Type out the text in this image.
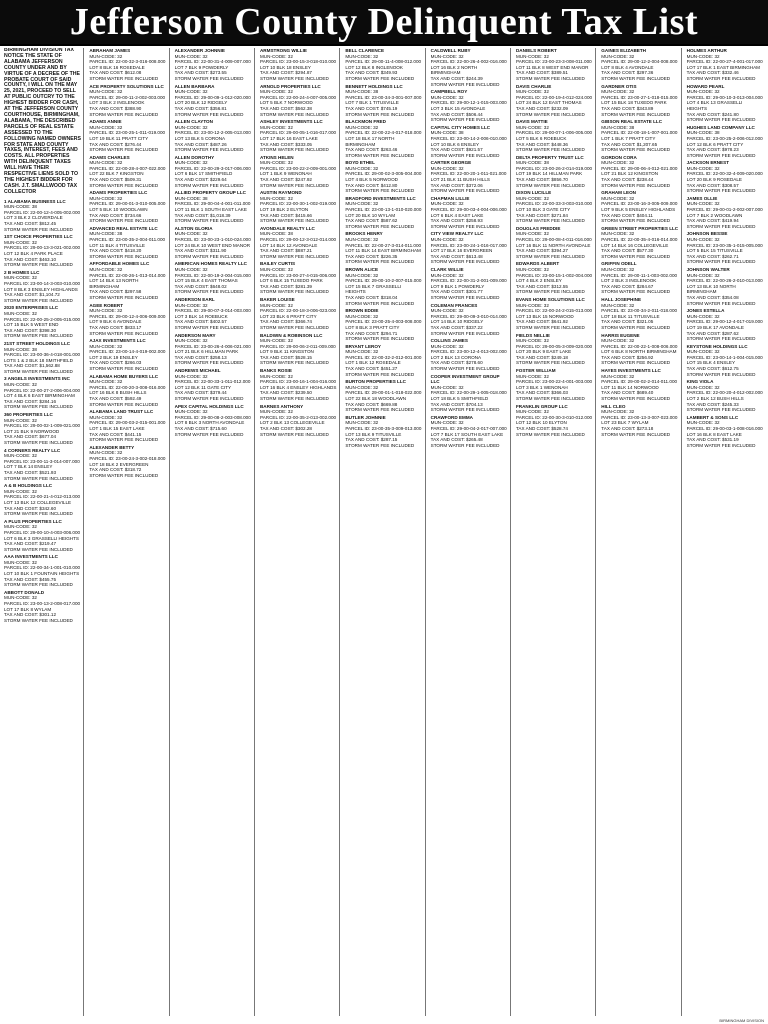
Jefferson County Delinquent Tax List
BIRMINGHAM DIVISION TAX NOTICE THE STATE OF ALABAMA JEFFERSON COUNTY UNDER AND BY VIRTUE OF A DECREE OF THE PROBATE COURT OF SAID COUNTY, I WILL ON THE MAY 25, 2021, PROCEED TO SELL AT PUBLIC OUTCRY TO THE HIGHEST BIDDER FOR CASH, AT THE JEFFERSON COUNTY COURTHOUSE, BIRMINGHAM, ALABAMA, THE DESCRIBED PARCELS OF REAL ESTATE ASSESSED TO THE FOLLOWING NAMED OWNERS FOR STATE AND COUNTY TAXES, INTEREST, FEES AND COSTS. ALL PROPERTIES WITH DELINQUENT TAXES WILL HAVE THEIR RESPECTIVE LIENS SOLD TO THE HIGHEST BIDDER FOR CASH. J.T. SMALLWOOD TAX COLLECTOR
1 ALABAMA BUSINESS LLC
MUN-CODE: 38
PARCEL ID: 22-00-12-4-005-002.000
LOT 3 BLK 2 CLOVERDALE
TAX AND COST: $812.45
STORM WATER FEE INCLUDED
1ST CHOICE PROPERTIES LLC
MUN-CODE: 32
PARCEL ID: 29-00-13-3-021-002.000
LOT 12 BLK 4 PARK PLACE
TAX AND COST: $463.10
STORM WATER FEE INCLUDED
2 B HOMES LLC
MUN-CODE: 32
PARCEL ID: 23-00-14-3-003-010.000
LOT 8 BLK 3 ENSLEY HIGHLANDS
TAX AND COST: $1,104.72
STORM WATER FEE INCLUDED
2020 ENTERPRISES LLC
MUN-CODE: 32
PARCEL ID: 22-00-25-2-005-015.000
LOT 15 BLK 5 WEST END
TAX AND COST: $398.30
STORM WATER FEE INCLUDED
21ST STREET HOLDINGS LLC
MUN-CODE: 38
PARCEL ID: 23-00-36-4-018-001.000
LOTS 1 & 2 BLK 18 SMITHFIELD
TAX AND COST: $1,562.88
STORM WATER FEE INCLUDED
3 ANGELS INVESTMENTS INC
MUN-CODE: 32
PARCEL ID: 22-00-27-2-006-004.000
LOT 4 BLK 6 EAST BIRMINGHAM
TAX AND COST: $284.16
STORM WATER FEE INCLUDED
360 PROPERTIES LLC
MUN-CODE: 32
PARCEL ID: 29-00-02-1-009-021.000
LOT 21 BLK 9 NORWOOD
TAX AND COST: $677.04
STORM WATER FEE INCLUDED
4 CORNERS REALTY LLC
MUN-CODE: 32
PARCEL ID: 23-00-11-3-014-007.000
LOT 7 BLK 14 ENSLEY
TAX AND COST: $521.93
STORM WATER FEE INCLUDED
A & B HOLDINGS LLC
MUN-CODE: 32
PARCEL ID: 22-00-21-4-012-013.000
LOT 13 BLK 12 COLLEGEVILLE
TAX AND COST: $342.60
STORM WATER FEE INCLUDED
A PLUS PROPERTIES LLC
MUN-CODE: 32
PARCEL ID: 29-00-10-4-003-006.000
LOT 6 BLK 3 GRASSELLI HEIGHTS
TAX AND COST: $219.47
STORM WATER FEE INCLUDED
AAA INVESTMENTS LLC
MUN-CODE: 32
PARCEL ID: 22-00-34-1-001-010.000
LOT 10 BLK 1 FOUNTAIN HEIGHTS
TAX AND COST: $455.75
STORM WATER FEE INCLUDED
ABBOTT DONALD
MUN-CODE: 32
PARCEL ID: 23-00-13-2-008-017.000
LOT 17 BLK 8 WYLAM
TAX AND COST: $301.12
STORM WATER FEE INCLUDED
ABRAHAM JAMES
MUN-CODE: 32
PARCEL ID: 22-00-32-3-016-008.000
LOT 8 BLK 16 ROSEDALE
TAX AND COST: $612.08
STORM WATER FEE INCLUDED
ACE PROPERTY SOLUTIONS LLC
MUN-CODE: 32
PARCEL ID: 29-00-11-2-002-003.000
LOT 3 BLK 2 INGLENOOK
TAX AND COST: $388.90
STORM WATER FEE INCLUDED
ADAMS ANNIE
MUN-CODE: 32
PARCEL ID: 23-00-25-1-011-019.000
LOT 19 BLK 11 PRATT CITY
TAX AND COST: $276.44
STORM WATER FEE INCLUDED
ADAMS CHARLES
MUN-CODE: 32
PARCEL ID: 22-00-28-4-007-022.000
LOT 22 BLK 7 KINGSTON
TAX AND COST: $509.31
STORM WATER FEE INCLUDED
ADAMS PROPERTIES LLC
MUN-CODE: 32
PARCEL ID: 29-00-01-3-010-005.000
LOT 5 BLK 10 WOODLAWN
TAX AND COST: $734.66
STORM WATER FEE INCLUDED
ADVANCED REAL ESTATE LLC
MUN-CODE: 38
PARCEL ID: 23-00-35-2-004-011.000
LOT 11 BLK 4 TITUSVILLE
TAX AND COST: $418.20
STORM WATER FEE INCLUDED
AFFORDABLE HOMES LLC
MUN-CODE: 32
PARCEL ID: 22-00-26-1-013-014.000
LOT 14 BLK 13 NORTH BIRMINGHAM
TAX AND COST: $297.58
STORM WATER FEE INCLUDED
AGEE ROBERT
MUN-CODE: 32
PARCEL ID: 29-00-12-4-006-009.000
LOT 9 BLK 6 AVONDALE
TAX AND COST: $833.17
STORM WATER FEE INCLUDED
AJAX INVESTMENTS LLC
MUN-CODE: 32
PARCEL ID: 23-00-14-4-019-002.000
LOT 2 BLK 19 ENSLEY
TAX AND COST: $266.03
STORM WATER FEE INCLUDED
ALABAMA HOME BUYERS LLC
MUN-CODE: 32
PARCEL ID: 22-00-20-3-008-016.000
LOT 16 BLK 8 BUSH HILLS
TAX AND COST: $592.49
STORM WATER FEE INCLUDED
ALABAMA LAND TRUST LLC
MUN-CODE: 32
PARCEL ID: 29-00-03-2-015-001.000
LOT 1 BLK 15 EAST LAKE
TAX AND COST: $441.15
STORM WATER FEE INCLUDED
ALEXANDER BETTY
MUN-CODE: 32
PARCEL ID: 23-00-24-3-002-018.000
LOT 18 BLK 2 EVERGREEN
TAX AND COST: $318.72
STORM WATER FEE INCLUDED
ALEXANDER JOHNNIE
MUN-CODE: 32
PARCEL ID: 22-00-31-4-009-007.000
LOT 7 BLK 9 POWDERLY
TAX AND COST: $273.55
STORM WATER FEE INCLUDED
ALLEN BARBARA
MUN-CODE: 32
PARCEL ID: 29-00-09-1-012-020.000
LOT 20 BLK 12 RIDGELY
TAX AND COST: $356.81
STORM WATER FEE INCLUDED
ALLEN CLAYTON
MUN-CODE: 32
PARCEL ID: 23-00-12-2-005-013.000
LOT 13 BLK 5 CORONA
TAX AND COST: $487.26
STORM WATER FEE INCLUDED
ALLEN DOROTHY
MUN-CODE: 32
PARCEL ID: 22-00-29-3-017-006.000
LOT 6 BLK 17 SMITHFIELD
TAX AND COST: $229.64
STORM WATER FEE INCLUDED
ALLIED PROPERTY GROUP LLC
MUN-CODE: 38
PARCEL ID: 29-00-04-4-001-011.000
LOT 11 BLK 1 SOUTH EAST LAKE
TAX AND COST: $1,018.39
STORM WATER FEE INCLUDED
ALSTON GLORIA
MUN-CODE: 32
PARCEL ID: 23-00-23-1-010-024.000
LOT 24 BLK 10 WEST END MANOR
TAX AND COST: $311.90
STORM WATER FEE INCLUDED
AMERICAN HOMES REALTY LLC
MUN-CODE: 32
PARCEL ID: 22-00-19-2-004-015.000
LOT 15 BLK 4 EAST THOMAS
TAX AND COST: $648.02
STORM WATER FEE INCLUDED
ANDERSON EARL
MUN-CODE: 32
PARCEL ID: 29-00-07-3-014-003.000
LOT 3 BLK 14 ROEBUCK
TAX AND COST: $402.57
STORM WATER FEE INCLUDED
ANDERSON MARY
MUN-CODE: 32
PARCEL ID: 23-00-26-4-006-021.000
LOT 21 BLK 6 HILLMAN PARK
TAX AND COST: $258.13
STORM WATER FEE INCLUDED
ANDREWS MICHAEL
MUN-CODE: 32
PARCEL ID: 22-00-33-1-011-012.000
LOT 12 BLK 11 GATE CITY
TAX AND COST: $379.44
STORM WATER FEE INCLUDED
APEX CAPITAL HOLDINGS LLC
MUN-CODE: 32
PARCEL ID: 29-00-08-2-003-008.000
LOT 8 BLK 3 NORTH AVONDALE
TAX AND COST: $715.60
STORM WATER FEE INCLUDED
ARMSTRONG WILLIE
MUN-CODE: 32
PARCEL ID: 23-00-15-3-018-010.000
LOT 10 BLK 18 ENSLEY
TAX AND COST: $294.87
STORM WATER FEE INCLUDED
ARNOLD PROPERTIES LLC
MUN-CODE: 32
PARCEL ID: 22-00-24-4-007-005.000
LOT 5 BLK 7 NORWOOD
TAX AND COST: $562.38
STORM WATER FEE INCLUDED
ASHLEY INVESTMENTS LLC
MUN-CODE: 32
PARCEL ID: 29-00-05-1-016-017.000
LOT 17 BLK 16 EAST LAKE
TAX AND COST: $333.05
STORM WATER FEE INCLUDED
ATKINS HELEN
MUN-CODE: 32
PARCEL ID: 23-00-22-2-009-001.000
LOT 1 BLK 9 WENONAH
TAX AND COST: $247.92
STORM WATER FEE INCLUDED
AUSTIN RAYMOND
MUN-CODE: 32
PARCEL ID: 22-00-30-1-002-019.000
LOT 19 BLK 2 ELYTON
TAX AND COST: $415.66
STORM WATER FEE INCLUDED
AVONDALE REALTY LLC
MUN-CODE: 38
PARCEL ID: 29-00-12-3-012-014.000
LOT 14 BLK 12 AVONDALE
TAX AND COST: $887.21
STORM WATER FEE INCLUDED
BAILEY CURTIS
MUN-CODE: 32
PARCEL ID: 23-00-27-4-015-006.000
LOT 6 BLK 15 TUXEDO PARK
TAX AND COST: $281.39
STORM WATER FEE INCLUDED
BAKER LOUISE
MUN-CODE: 32
PARCEL ID: 22-00-18-3-006-023.000
LOT 23 BLK 6 PRATT CITY
TAX AND COST: $366.74
STORM WATER FEE INCLUDED
BALDWIN & ROBINSON LLC
MUN-CODE: 32
PARCEL ID: 29-00-06-2-011-009.000
LOT 9 BLK 11 KINGSTON
TAX AND COST: $528.15
STORM WATER FEE INCLUDED
BANKS ROSIE
MUN-CODE: 32
PARCEL ID: 23-00-16-1-004-016.000
LOT 16 BLK 4 ENSLEY HIGHLANDS
TAX AND COST: $239.50
STORM WATER FEE INCLUDED
BARNES ANTHONY
MUN-CODE: 32
PARCEL ID: 22-00-35-2-013-002.000
LOT 2 BLK 13 COLLEGEVILLE
TAX AND COST: $302.28
STORM WATER FEE INCLUDED
BELL CLARENCE
MUN-CODE: 32
PARCEL ID: 29-00-11-4-008-012.000
LOT 12 BLK 8 INGLENOOK
TAX AND COST: $349.93
STORM WATER FEE INCLUDED
BENNETT HOLDINGS LLC
MUN-CODE: 38
PARCEL ID: 23-00-34-3-001-007.000
LOT 7 BLK 1 TITUSVILLE
TAX AND COST: $745.19
STORM WATER FEE INCLUDED
BLACKMON FRED
MUN-CODE: 32
PARCEL ID: 22-00-22-4-017-018.000
LOT 18 BLK 17 NORTH BIRMINGHAM
TAX AND COST: $263.46
STORM WATER FEE INCLUDED
BOYD ETHEL
MUN-CODE: 32
PARCEL ID: 29-00-02-3-005-004.000
LOT 4 BLK 5 NORWOOD
TAX AND COST: $412.80
STORM WATER FEE INCLUDED
BRADFORD INVESTMENTS LLC
MUN-CODE: 32
PARCEL ID: 23-00-13-1-010-020.000
LOT 20 BLK 10 WYLAM
TAX AND COST: $587.62
STORM WATER FEE INCLUDED
BROOKS HENRY
MUN-CODE: 32
PARCEL ID: 22-00-27-3-014-011.000
LOT 11 BLK 14 EAST BIRMINGHAM
TAX AND COST: $226.35
STORM WATER FEE INCLUDED
BROWN ALICE
MUN-CODE: 32
PARCEL ID: 29-00-10-2-007-015.000
LOT 15 BLK 7 GRASSELLI HEIGHTS
TAX AND COST: $318.04
STORM WATER FEE INCLUDED
BROWN EDDIE
MUN-CODE: 32
PARCEL ID: 23-00-25-4-003-008.000
LOT 8 BLK 3 PRATT CITY
TAX AND COST: $294.71
STORM WATER FEE INCLUDED
BRYANT LEROY
MUN-CODE: 32
PARCEL ID: 22-00-32-2-012-001.000
LOT 1 BLK 12 ROSEDALE
TAX AND COST: $451.27
STORM WATER FEE INCLUDED
BURTON PROPERTIES LLC
MUN-CODE: 32
PARCEL ID: 29-00-01-1-018-022.000
LOT 22 BLK 18 WOODLAWN
TAX AND COST: $669.88
STORM WATER FEE INCLUDED
BUTLER JOHNNIE
MUN-CODE: 32
PARCEL ID: 23-00-35-3-009-013.000
LOT 13 BLK 9 TITUSVILLE
TAX AND COST: $287.15
STORM WATER FEE INCLUDED
CALDWELL RUBY
MUN-CODE: 32
PARCEL ID: 22-00-26-4-002-016.000
LOT 16 BLK 2 NORTH BIRMINGHAM
TAX AND COST: $244.39
STORM WATER FEE INCLUDED
CAMPBELL ROY
MUN-CODE: 32
PARCEL ID: 29-00-12-1-015-003.000
LOT 3 BLK 15 AVONDALE
TAX AND COST: $506.44
STORM WATER FEE INCLUDED
CAPITAL CITY HOMES LLC
MUN-CODE: 38
PARCEL ID: 23-00-14-2-006-010.000
LOT 10 BLK 6 ENSLEY
TAX AND COST: $921.57
STORM WATER FEE INCLUDED
CARTER GEORGE
MUN-CODE: 32
PARCEL ID: 22-00-20-1-011-021.000
LOT 21 BLK 11 BUSH HILLS
TAX AND COST: $372.06
STORM WATER FEE INCLUDED
CHAPMAN LILLIE
MUN-CODE: 32
PARCEL ID: 29-00-03-4-004-006.000
LOT 6 BLK 4 EAST LAKE
TAX AND COST: $258.93
STORM WATER FEE INCLUDED
CITY VIEW REALTY LLC
MUN-CODE: 32
PARCEL ID: 23-00-24-1-016-017.000
LOT 17 BLK 16 EVERGREEN
TAX AND COST: $613.48
STORM WATER FEE INCLUDED
CLARK WILLIE
MUN-CODE: 32
PARCEL ID: 22-00-31-2-001-009.000
LOT 9 BLK 1 POWDERLY
TAX AND COST: $301.77
STORM WATER FEE INCLUDED
COLEMAN FRANCES
MUN-CODE: 32
PARCEL ID: 29-00-09-3-010-014.000
LOT 14 BLK 10 RIDGELY
TAX AND COST: $337.22
STORM WATER FEE INCLUDED
COLLINS JAMES
MUN-CODE: 32
PARCEL ID: 23-00-12-4-013-002.000
LOT 2 BLK 13 CORONA
TAX AND COST: $278.60
STORM WATER FEE INCLUDED
COOPER INVESTMENT GROUP LLC
MUN-CODE: 32
PARCEL ID: 22-00-29-1-005-018.000
LOT 18 BLK 5 SMITHFIELD
TAX AND COST: $704.13
STORM WATER FEE INCLUDED
CRAWFORD EMMA
MUN-CODE: 32
PARCEL ID: 29-00-04-2-017-007.000
LOT 7 BLK 17 SOUTH EAST LAKE
TAX AND COST: $265.48
STORM WATER FEE INCLUDED
DANIELS ROBERT
MUN-CODE: 32
PARCEL ID: 23-00-23-3-008-011.000
LOT 11 BLK 8 WEST END MANOR
TAX AND COST: $389.51
STORM WATER FEE INCLUDED
DAVIS CHARLIE
MUN-CODE: 32
PARCEL ID: 22-00-19-4-012-024.000
LOT 24 BLK 12 EAST THOMAS
TAX AND COST: $232.09
STORM WATER FEE INCLUDED
DAVIS MATTIE
MUN-CODE: 32
PARCEL ID: 29-00-07-1-006-005.000
LOT 5 BLK 6 ROEBUCK
TAX AND COST: $448.36
STORM WATER FEE INCLUDED
DELTA PROPERTY TRUST LLC
MUN-CODE: 38
PARCEL ID: 23-00-26-2-014-019.000
LOT 19 BLK 14 HILLMAN PARK
TAX AND COST: $856.70
STORM WATER FEE INCLUDED
DIXON LUCILLE
MUN-CODE: 32
PARCEL ID: 22-00-33-3-003-010.000
LOT 10 BLK 3 GATE CITY
TAX AND COST: $271.84
STORM WATER FEE INCLUDED
DOUGLAS FREDDIE
MUN-CODE: 32
PARCEL ID: 29-00-08-4-011-016.000
LOT 16 BLK 11 NORTH AVONDALE
TAX AND COST: $394.27
STORM WATER FEE INCLUDED
EDWARDS ALBERT
MUN-CODE: 32
PARCEL ID: 23-00-15-1-002-004.000
LOT 4 BLK 2 ENSLEY
TAX AND COST: $312.55
STORM WATER FEE INCLUDED
EVANS HOME SOLUTIONS LLC
MUN-CODE: 32
PARCEL ID: 22-00-24-2-015-013.000
LOT 13 BLK 15 NORWOOD
TAX AND COST: $641.92
STORM WATER FEE INCLUDED
FIELDS NELLIE
MUN-CODE: 32
PARCEL ID: 29-00-05-3-009-020.000
LOT 20 BLK 9 EAST LAKE
TAX AND COST: $249.18
STORM WATER FEE INCLUDED
FOSTER WILLIAM
MUN-CODE: 32
PARCEL ID: 23-00-22-4-001-003.000
LOT 3 BLK 1 WENONAH
TAX AND COST: $366.03
STORM WATER FEE INCLUDED
FRANKLIN GROUP LLC
MUN-CODE: 32
PARCEL ID: 22-00-30-3-010-012.000
LOT 12 BLK 10 ELYTON
TAX AND COST: $528.74
STORM WATER FEE INCLUDED
GAINES ELIZABETH
MUN-CODE: 32
PARCEL ID: 29-00-12-2-004-008.000
LOT 8 BLK 4 AVONDALE
TAX AND COST: $297.36
STORM WATER FEE INCLUDED
GARDNER OTIS
MUN-CODE: 32
PARCEL ID: 23-00-27-1-018-015.000
LOT 15 BLK 18 TUXEDO PARK
TAX AND COST: $343.89
STORM WATER FEE INCLUDED
GIBSON REAL ESTATE LLC
MUN-CODE: 38
PARCEL ID: 22-00-18-1-007-001.000
LOT 1 BLK 7 PRATT CITY
TAX AND COST: $1,207.65
STORM WATER FEE INCLUDED
GORDON CORA
MUN-CODE: 32
PARCEL ID: 29-00-06-4-012-021.000
LOT 21 BLK 12 KINGSTON
TAX AND COST: $238.44
STORM WATER FEE INCLUDED
GRAHAM LEON
MUN-CODE: 32
PARCEL ID: 23-00-16-3-005-009.000
LOT 9 BLK 5 ENSLEY HIGHLANDS
TAX AND COST: $404.11
STORM WATER FEE INCLUDED
GREEN STREET PROPERTIES LLC
MUN-CODE: 32
PARCEL ID: 22-00-35-4-016-014.000
LOT 14 BLK 16 COLLEGEVILLE
TAX AND COST: $577.30
STORM WATER FEE INCLUDED
GRIFFIN ODELL
MUN-CODE: 32
PARCEL ID: 29-00-11-1-003-002.000
LOT 2 BLK 3 INGLENOOK
TAX AND COST: $284.67
STORM WATER FEE INCLUDED
HALL JOSEPHINE
MUN-CODE: 32
PARCEL ID: 23-00-34-2-011-018.000
LOT 18 BLK 11 TITUSVILLE
TAX AND COST: $321.05
STORM WATER FEE INCLUDED
HARRIS EUGENE
MUN-CODE: 32
PARCEL ID: 22-00-22-1-008-006.000
LOT 6 BLK 8 NORTH BIRMINGHAM
TAX AND COST: $256.92
STORM WATER FEE INCLUDED
HAYES INVESTMENTS LLC
MUN-CODE: 32
PARCEL ID: 29-00-02-2-014-011.000
LOT 11 BLK 14 NORWOOD
TAX AND COST: $689.40
STORM WATER FEE INCLUDED
HILL CLEO
MUN-CODE: 32
PARCEL ID: 23-00-13-3-007-023.000
LOT 23 BLK 7 WYLAM
TAX AND COST: $273.18
STORM WATER FEE INCLUDED
HOLMES ARTHUR
MUN-CODE: 32
PARCEL ID: 22-00-27-4-001-017.000
LOT 17 BLK 1 EAST BIRMINGHAM
TAX AND COST: $332.46
STORM WATER FEE INCLUDED
HOWARD PEARL
MUN-CODE: 32
PARCEL ID: 29-00-10-3-013-004.000
LOT 4 BLK 13 GRASSELLI HEIGHTS
TAX AND COST: $241.80
STORM WATER FEE INCLUDED
HUGHES LAND COMPANY LLC
MUN-CODE: 38
PARCEL ID: 23-00-25-2-006-012.000
LOT 12 BLK 6 PRATT CITY
TAX AND COST: $978.23
STORM WATER FEE INCLUDED
JACKSON ERNEST
MUN-CODE: 32
PARCEL ID: 22-00-32-4-009-020.000
LOT 20 BLK 9 ROSEDALE
TAX AND COST: $308.57
STORM WATER FEE INCLUDED
JAMES OLLIE
MUN-CODE: 32
PARCEL ID: 29-00-01-2-002-007.000
LOT 7 BLK 2 WOODLAWN
TAX AND COST: $419.94
STORM WATER FEE INCLUDED
JOHNSON BESSIE
MUN-CODE: 32
PARCEL ID: 23-00-35-1-015-005.000
LOT 5 BLK 15 TITUSVILLE
TAX AND COST: $262.71
STORM WATER FEE INCLUDED
JOHNSON WALTER
MUN-CODE: 32
PARCEL ID: 22-00-26-2-010-013.000
LOT 13 BLK 10 NORTH BIRMINGHAM
TAX AND COST: $354.08
STORM WATER FEE INCLUDED
JONES ESTELLA
MUN-CODE: 32
PARCEL ID: 29-00-12-4-017-019.000
LOT 19 BLK 17 AVONDALE
TAX AND COST: $287.62
STORM WATER FEE INCLUDED
KEYSTONE HOLDINGS LLC
MUN-CODE: 32
PARCEL ID: 23-00-14-1-004-015.000
LOT 15 BLK 4 ENSLEY
TAX AND COST: $612.75
STORM WATER FEE INCLUDED
KING VIOLA
MUN-CODE: 32
PARCEL ID: 22-00-20-4-012-002.000
LOT 2 BLK 12 BUSH HILLS
TAX AND COST: $245.33
STORM WATER FEE INCLUDED
LAMBERT & SONS LLC
MUN-CODE: 32
PARCEL ID: 29-00-03-1-008-016.000
LOT 16 BLK 8 EAST LAKE
TAX AND COST: $531.19
STORM WATER FEE INCLUDED
BIRMINGHAM DIVISION
